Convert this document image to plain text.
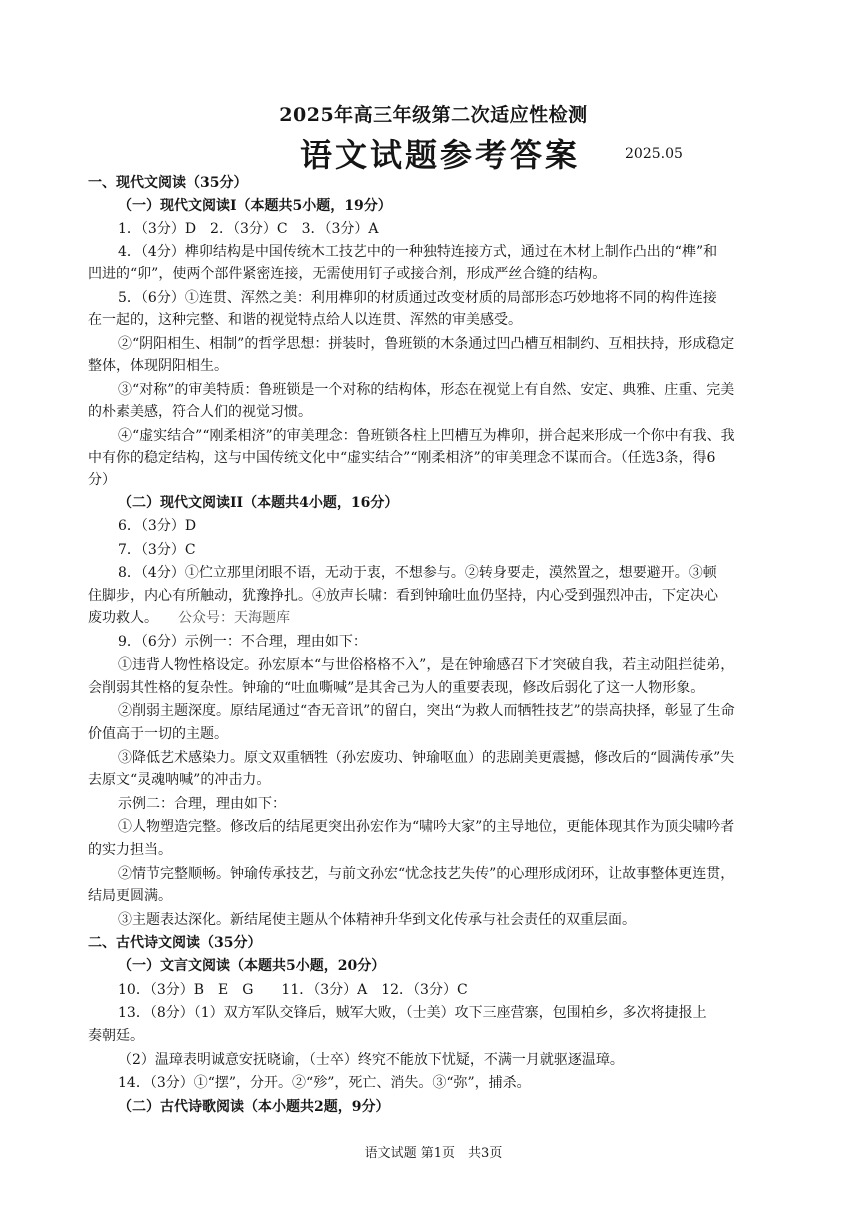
2025年高三年级第二次适应性检测
语文试题参考答案	2025.05
一、现代文阅读（35分）
（一）现代文阅读I（本题共5小题，19分）
1．（3分）D　2．（3分）C　3．（3分）A
4．（4分）榫卯结构是中国传统木工技艺中的一种独特连接方式，通过在木材上制作凸出的“榫”和
凹进的“卯”，使两个部件紧密连接，无需使用钉子或接合剂，形成严丝合缝的结构。
5．（6分）①连贯、浑然之美：利用榫卯的材质通过改变材质的局部形态巧妙地将不同的构件连接
在一起的，这种完整、和谐的视觉特点给人以连贯、浑然的审美感受。
②“阴阳相生、相制”的哲学思想：拼装时，鲁班锁的木条通过凹凸槽互相制约、互相扶持，形成稳定
整体，体现阴阳相生。
③“对称”的审美特质：鲁班锁是一个对称的结构体，形态在视觉上有自然、安定、典雅、庄重、完美
的朴素美感，符合人们的视觉习惯。
④“虚实结合”“刚柔相济”的审美理念：鲁班锁各柱上凹槽互为榫卯，拼合起来形成一个你中有我、我
中有你的稳定结构，这与中国传统文化中“虚实结合”“刚柔相济”的审美理念不谋而合。（任选3条，得6
分）
（二）现代文阅读II（本题共4小题，16分）
6．（3分）D
7．（3分）C
8．（4分）①伫立那里闭眼不语，无动于衷，不想参与。②转身要走，漠然置之，想要避开。③顿
住脚步，内心有所触动，犹豫挣扎。④放声长啸：看到钟瑜吐血仍坚持，内心受到强烈冲击，下定决心
废功救人。 公众号：天海题库
9．（6分）示例一：不合理，理由如下：
①违背人物性格设定。孙宏原本“与世俗格格不入”，是在钟瑜感召下才突破自我，若主动阻拦徒弟，
会削弱其性格的复杂性。钟瑜的“吐血嘶喊”是其舍己为人的重要表现，修改后弱化了这一人物形象。
②削弱主题深度。原结尾通过“杳无音讯”的留白，突出“为救人而牺牲技艺”的崇高抉择，彰显了生命
价值高于一切的主题。
③降低艺术感染力。原文双重牺牲（孙宏废功、钟瑜呕血）的悲剧美更震撼，修改后的“圆满传承”失
去原文“灵魂呐喊”的冲击力。
示例二：合理，理由如下：
①人物塑造完整。修改后的结尾更突出孙宏作为“啸吟大家”的主导地位，更能体现其作为顶尖啸吟者
的实力担当。
②情节完整顺畅。钟瑜传承技艺，与前文孙宏“忧念技艺失传”的心理形成闭环，让故事整体更连贯，
结局更圆满。
③主题表达深化。新结尾使主题从个体精神升华到文化传承与社会责任的双重层面。
二、古代诗文阅读（35分）
（一）文言文阅读（本题共5小题，20分）
10．（3分）B　E　G　　11．（3分）A　12．（3分）C
13．（8分）（1）双方军队交锋后，贼军大败，（士美）攻下三座营寨，包围柏乡，多次将捷报上
奏朝廷。
（2）温璋表明诚意安抚晓谕，（士卒）终究不能放下忧疑，不满一月就驱逐温璋。
14．（3分）①“摆”，分开。②“殄”，死亡、消失。③“弥”，捕杀。
（二）古代诗歌阅读（本小题共2题，9分）
语文试题 第1页　共3页
